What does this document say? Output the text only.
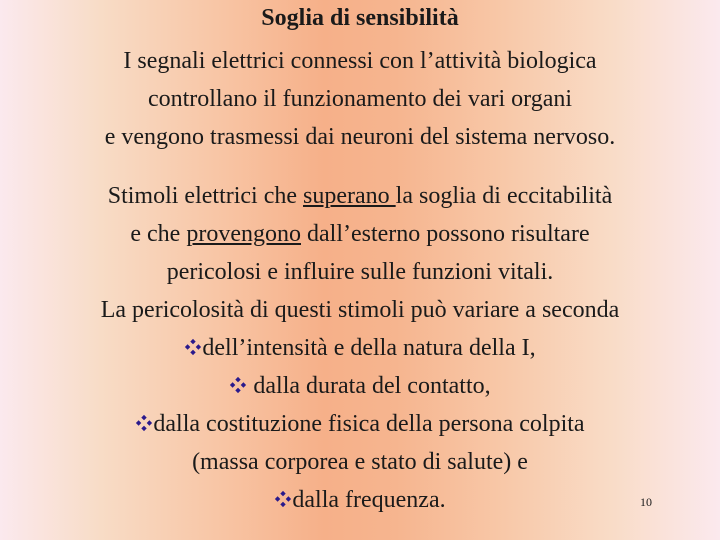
Soglia di sensibilità
I segnali elettrici connessi con l’attività biologica
controllano il funzionamento dei vari organi
e vengono trasmessi dai neuroni del sistema nervoso.
Stimoli elettrici che superano la soglia di eccitabilità
e che provengono dall’esterno possono risultare
pericolosi e influire sulle funzioni vitali.
La pericolosità di questi stimoli può variare a seconda
dell’intensità e della natura della I,
dalla durata del contatto,
dalla costituzione fisica della persona colpita
(massa corporea e stato di salute) e
dalla frequenza.	10
